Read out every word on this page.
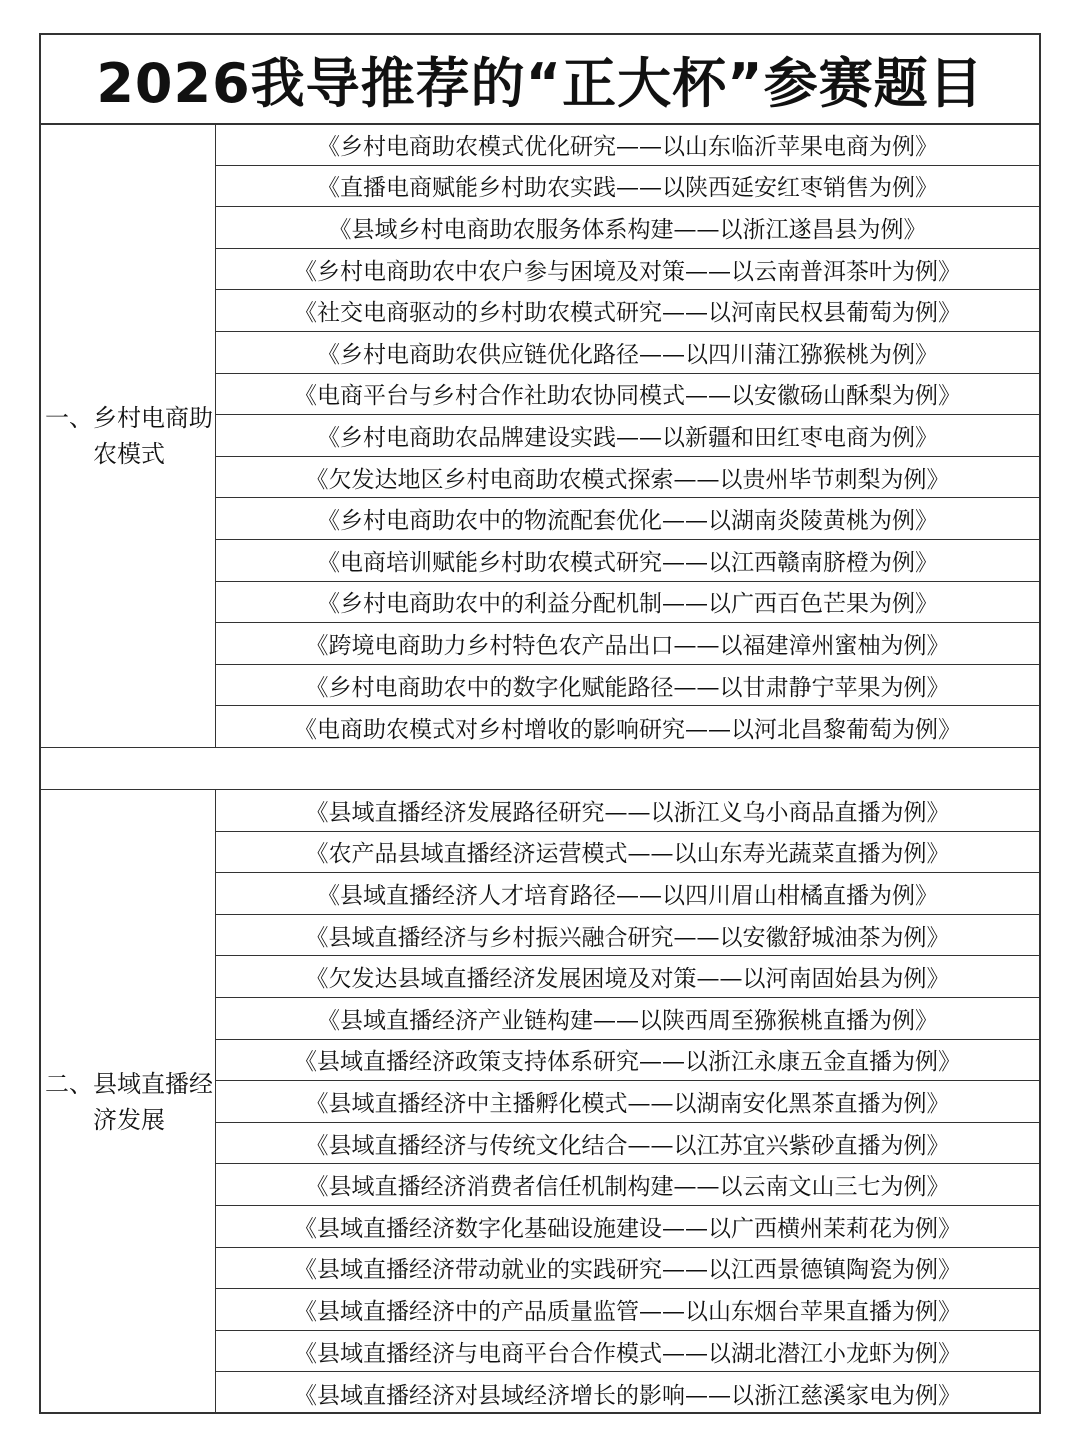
2026我导推荐的“正大杯”参赛题目
一、乡村电商助
农模式
《乡村电商助农模式优化研究——以山东临沂苹果电商为例》
《直播电商赋能乡村助农实践——以陕西延安红枣销售为例》
《县域乡村电商助农服务体系构建——以浙江遂昌县为例》
《乡村电商助农中农户参与困境及对策——以云南普洱茶叶为例》
《社交电商驱动的乡村助农模式研究——以河南民权县葡萄为例》
《乡村电商助农供应链优化路径——以四川蒲江猕猴桃为例》
《电商平台与乡村合作社助农协同模式——以安徽砀山酥梨为例》
《乡村电商助农品牌建设实践——以新疆和田红枣电商为例》
《欠发达地区乡村电商助农模式探索——以贵州毕节刺梨为例》
《乡村电商助农中的物流配套优化——以湖南炎陵黄桃为例》
《电商培训赋能乡村助农模式研究——以江西赣南脐橙为例》
《乡村电商助农中的利益分配机制——以广西百色芒果为例》
《跨境电商助力乡村特色农产品出口——以福建漳州蜜柚为例》
《乡村电商助农中的数字化赋能路径——以甘肃静宁苹果为例》
《电商助农模式对乡村增收的影响研究——以河北昌黎葡萄为例》
二、县域直播经
济发展
《县域直播经济发展路径研究——以浙江义乌小商品直播为例》
《农产品县域直播经济运营模式——以山东寿光蔬菜直播为例》
《县域直播经济人才培育路径——以四川眉山柑橘直播为例》
《县域直播经济与乡村振兴融合研究——以安徽舒城油茶为例》
《欠发达县域直播经济发展困境及对策——以河南固始县为例》
《县域直播经济产业链构建——以陕西周至猕猴桃直播为例》
《县域直播经济政策支持体系研究——以浙江永康五金直播为例》
《县域直播经济中主播孵化模式——以湖南安化黑茶直播为例》
《县域直播经济与传统文化结合——以江苏宜兴紫砂直播为例》
《县域直播经济消费者信任机制构建——以云南文山三七为例》
《县域直播经济数字化基础设施建设——以广西横州茉莉花为例》
《县域直播经济带动就业的实践研究——以江西景德镇陶瓷为例》
《县域直播经济中的产品质量监管——以山东烟台苹果直播为例》
《县域直播经济与电商平台合作模式——以湖北潜江小龙虾为例》
《县域直播经济对县域经济增长的影响——以浙江慈溪家电为例》
